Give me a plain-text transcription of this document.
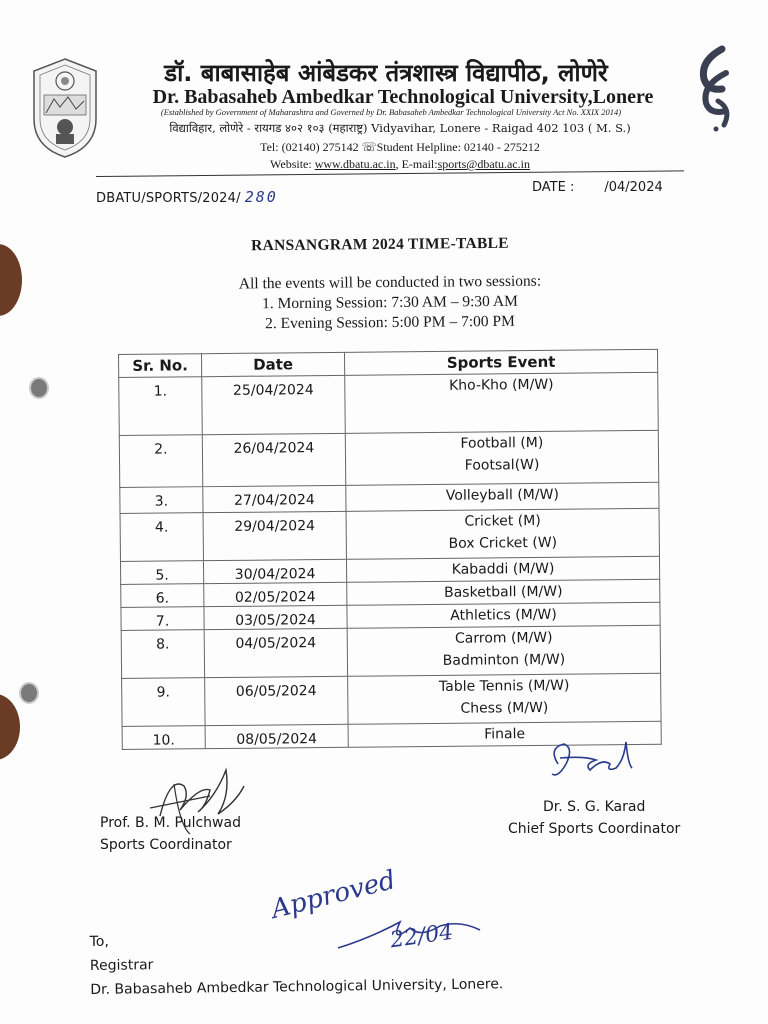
डॉ. बाबासाहेब आंबेडकर तंत्रशास्त्र विद्यापीठ, लोणेरे
Dr. Babasaheb Ambedkar Technological University,Lonere
(Established by Government of Maharashtra and Governed by Dr. Babasaheb Ambedkar Technological University Act No. XXIX 2014)
विद्याविहार, लोणेरे - रायगड ४०२ १०३ (महाराष्ट्र) Vidyavihar, Lonere - Raigad 402 103 ( M. S.)
Tel: (02140) 275142 ☏Student Helpline: 02140 - 275212
Website: www.dbatu.ac.in, E-mail:sports@dbatu.ac.in
DBATU/SPORTS/2024/ 280
DATE : /04/2024
RANSANGRAM 2024 TIME-TABLE
All the events will be conducted in two sessions:
1. Morning Session: 7:30 AM – 9:30 AM
2. Evening Session: 5:00 PM – 7:00 PM
Sr. No.	Date	Sports Event
1.	25/04/2024	Kho-Kho (M/W)

2.	26/04/2024	Football (M)
Footsal(W)

3.	27/04/2024	Volleyball (M/W)

4.	29/04/2024	Cricket (M)
Box Cricket (W)

5.	30/04/2024	Kabaddi (M/W)

6.	02/05/2024	Basketball (M/W)

7.	03/05/2024	Athletics (M/W)

8.	04/05/2024	Carrom (M/W)
Badminton (M/W)

9.	06/05/2024	Table Tennis (M/W)
Chess (M/W)

10.	08/05/2024	Finale
Prof. B. M. Pulchwad
Sports Coordinator
Dr. S. G. Karad
Chief Sports Coordinator
Approved
22/04
To,
Registrar
Dr. Babasaheb Ambedkar Technological University, Lonere.
